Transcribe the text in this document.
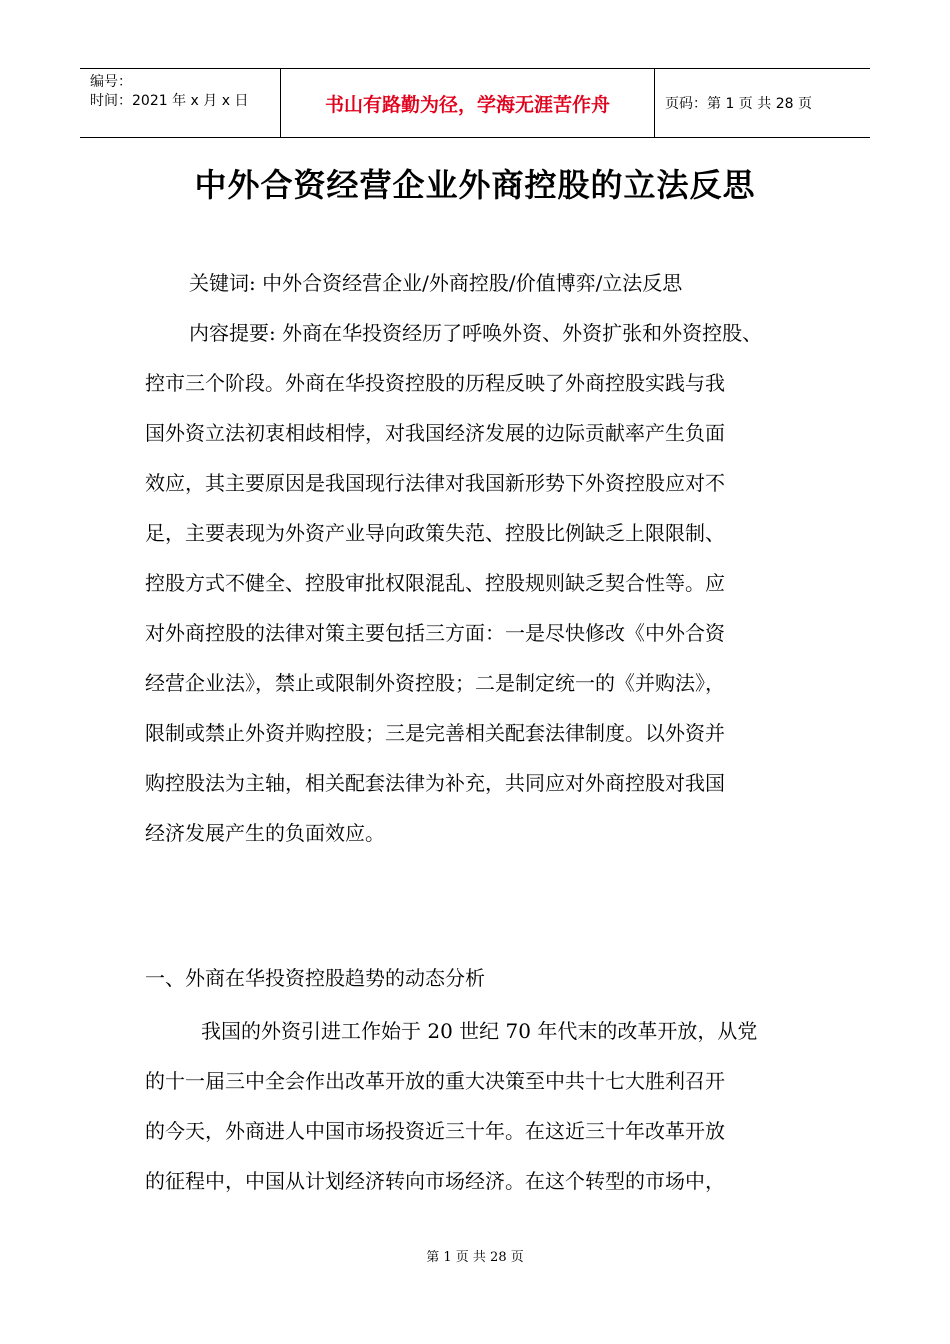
编号：
时间：2021 年 x 月 x 日	书山有路勤为径，学海无涯苦作舟	页码：第 1 页 共 28 页
中外合资经营企业外商控股的立法反思
关键词: 中外合资经营企业/外商控股/价值博弈/立法反思
内容提要: 外商在华投资经历了呼唤外资、外资扩张和外资控股、
控市三个阶段。外商在华投资控股的历程反映了外商控股实践与我
国外资立法初衷相歧相悖，对我国经济发展的边际贡献率产生负面
效应，其主要原因是我国现行法律对我国新形势下外资控股应对不
足，主要表现为外资产业导向政策失范、控股比例缺乏上限限制、
控股方式不健全、控股审批权限混乱、控股规则缺乏契合性等。应
对外商控股的法律对策主要包括三方面：一是尽快修改《中外合资
经营企业法》，禁止或限制外资控股；二是制定统一的《并购法》，
限制或禁止外资并购控股；三是完善相关配套法律制度。以外资并
购控股法为主轴，相关配套法律为补充，共同应对外商控股对我国
经济发展产生的负面效应。
一、外商在华投资控股趋势的动态分析
我国的外资引进工作始于 20 世纪 70 年代末的改革开放，从党
的十一届三中全会作出改革开放的重大决策至中共十七大胜利召开
的今天，外商进人中国市场投资近三十年。在这近三十年改革开放
的征程中，中国从计划经济转向市场经济。在这个转型的市场中，
第 1 页 共 28 页
